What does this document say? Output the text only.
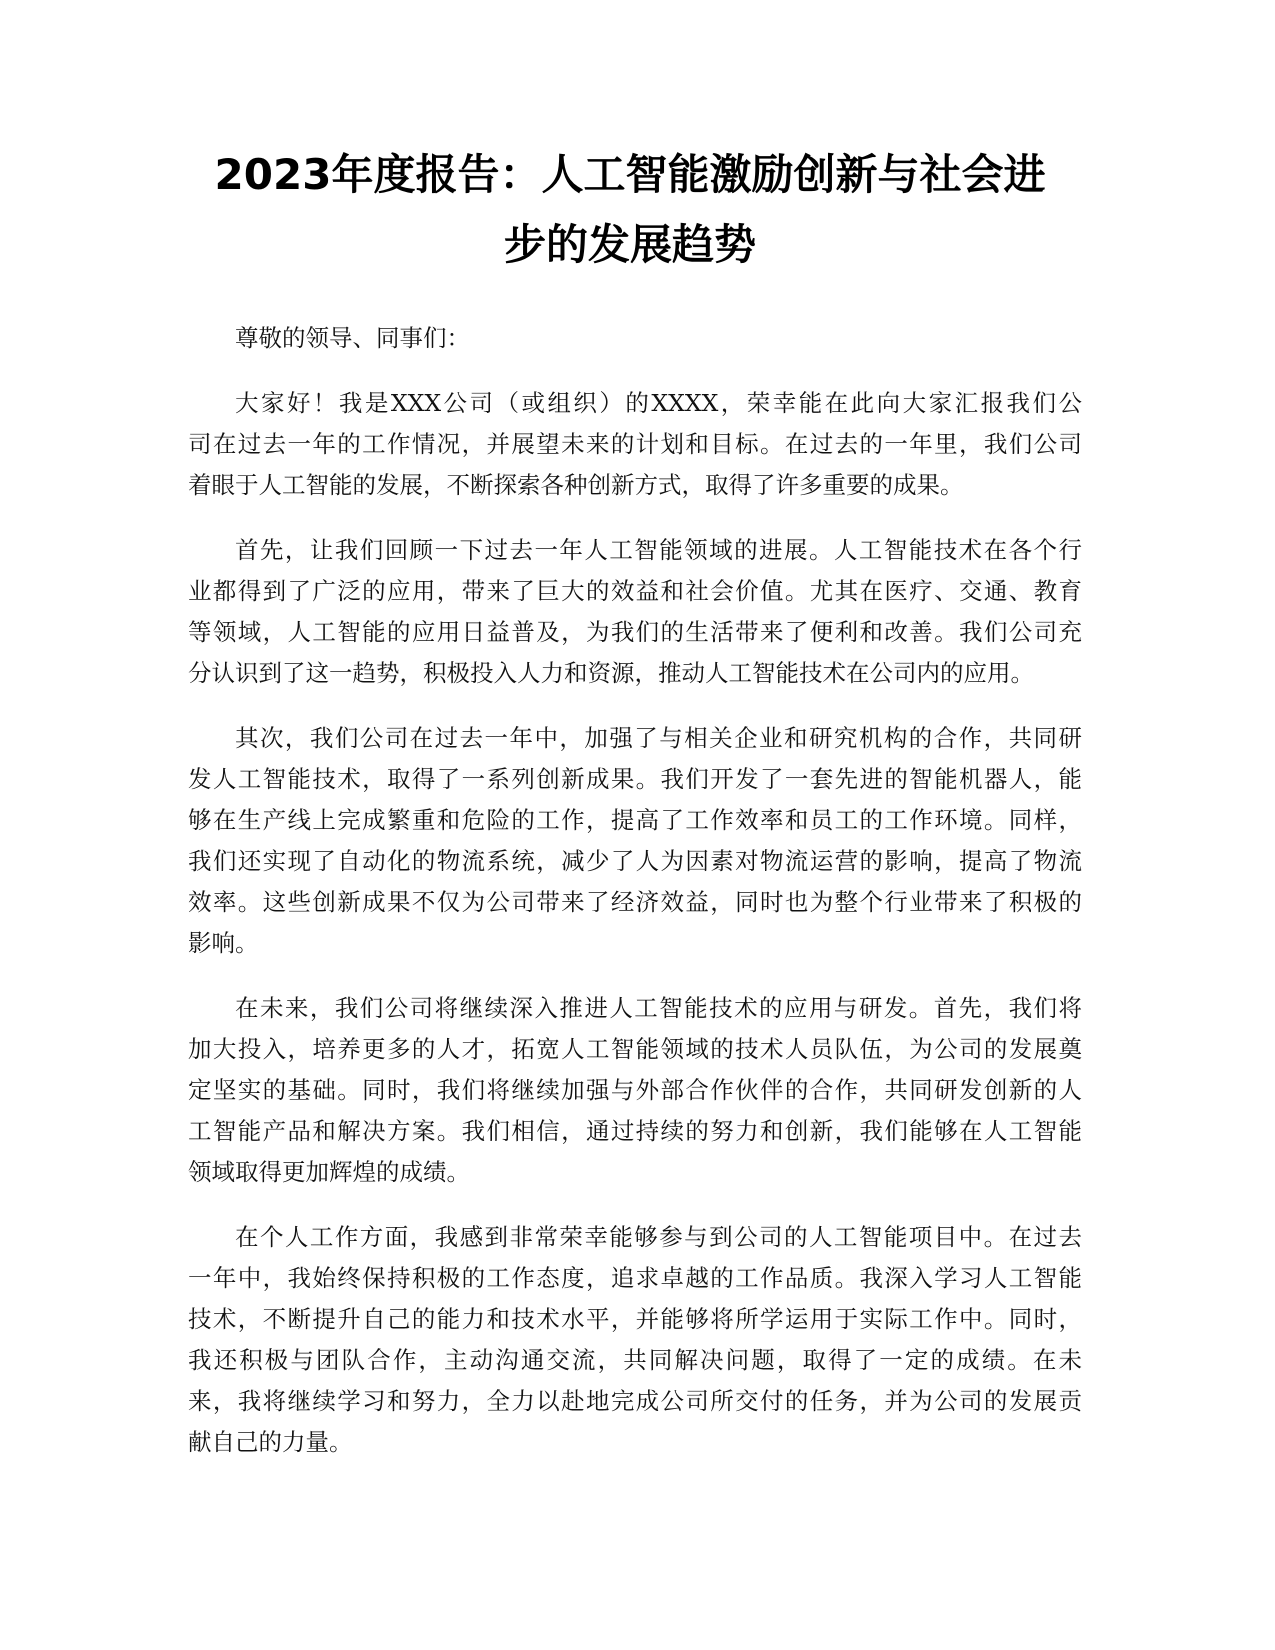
2023年度报告：人工智能激励创新与社会进
步的发展趋势

尊敬的领导、同事们：

大家好！我是XXX公司（或组织）的XXXX，荣幸能在此向大家汇报我们公
司在过去一年的工作情况，并展望未来的计划和目标。在过去的一年里，我们公司
着眼于人工智能的发展，不断探索各种创新方式，取得了许多重要的成果。

首先，让我们回顾一下过去一年人工智能领域的进展。人工智能技术在各个行
业都得到了广泛的应用，带来了巨大的效益和社会价值。尤其在医疗、交通、教育
等领域，人工智能的应用日益普及，为我们的生活带来了便利和改善。我们公司充
分认识到了这一趋势，积极投入人力和资源，推动人工智能技术在公司内的应用。

其次，我们公司在过去一年中，加强了与相关企业和研究机构的合作，共同研
发人工智能技术，取得了一系列创新成果。我们开发了一套先进的智能机器人，能
够在生产线上完成繁重和危险的工作，提高了工作效率和员工的工作环境。同样，
我们还实现了自动化的物流系统，减少了人为因素对物流运营的影响，提高了物流
效率。这些创新成果不仅为公司带来了经济效益，同时也为整个行业带来了积极的
影响。

在未来，我们公司将继续深入推进人工智能技术的应用与研发。首先，我们将
加大投入，培养更多的人才，拓宽人工智能领域的技术人员队伍，为公司的发展奠
定坚实的基础。同时，我们将继续加强与外部合作伙伴的合作，共同研发创新的人
工智能产品和解决方案。我们相信，通过持续的努力和创新，我们能够在人工智能
领域取得更加辉煌的成绩。

在个人工作方面，我感到非常荣幸能够参与到公司的人工智能项目中。在过去
一年中，我始终保持积极的工作态度，追求卓越的工作品质。我深入学习人工智能
技术，不断提升自己的能力和技术水平，并能够将所学运用于实际工作中。同时，
我还积极与团队合作，主动沟通交流，共同解决问题，取得了一定的成绩。在未
来，我将继续学习和努力，全力以赴地完成公司所交付的任务，并为公司的发展贡
献自己的力量。
